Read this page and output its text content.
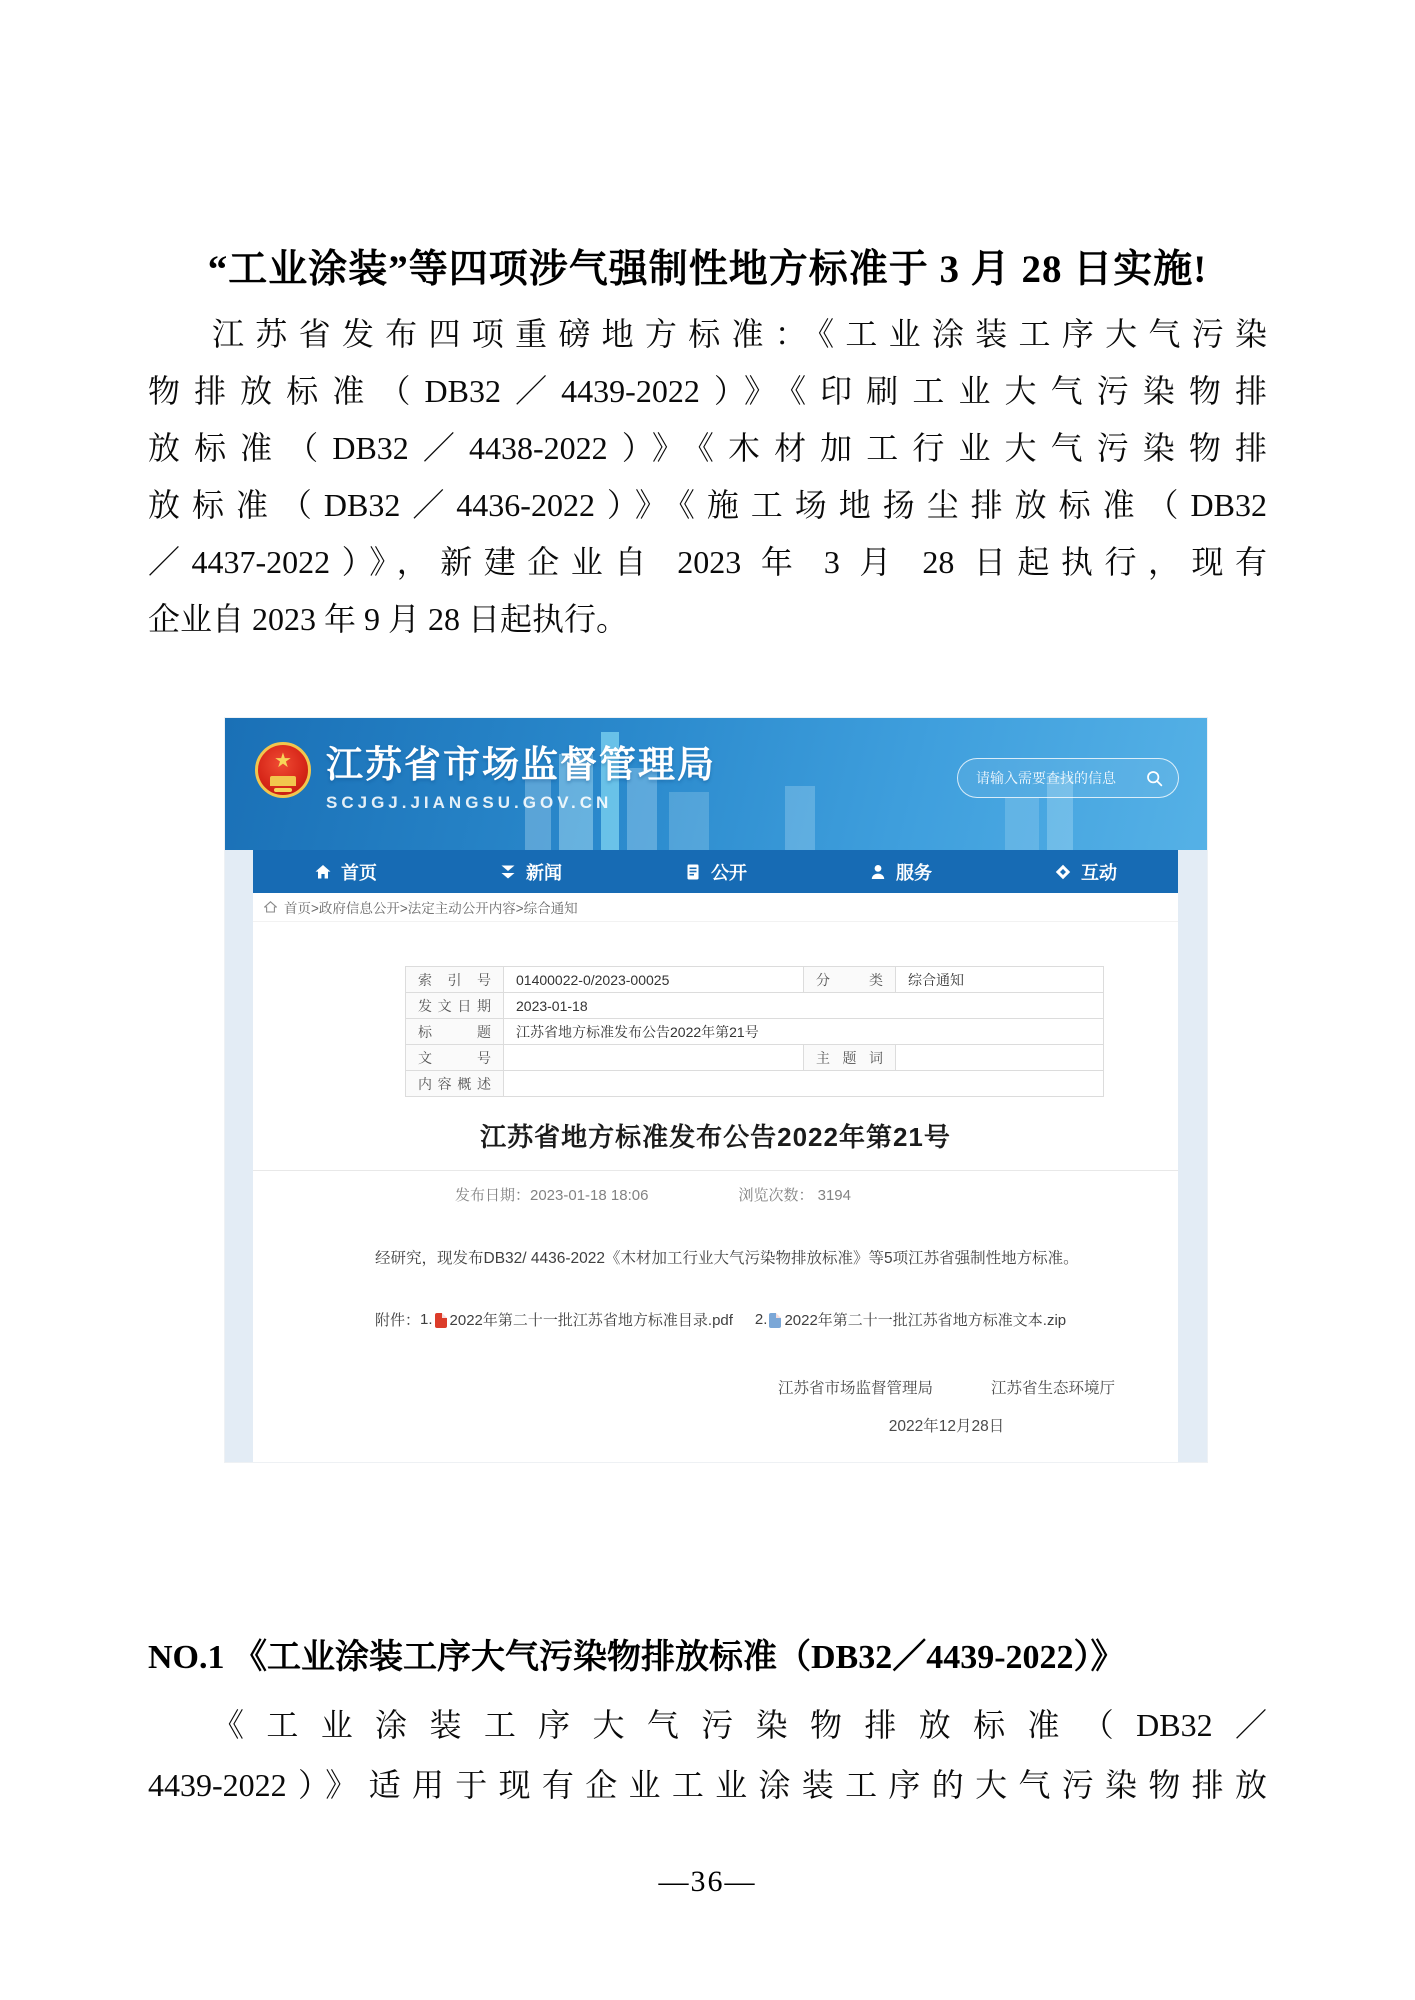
“工业涂装”等四项涉气强制性地方标准于 3 月 28 日实施!
江苏省发布四项重磅地方标准：《工业涂装工序大气污染
物排放标准（DB32／4439-2022）》《印刷工业大气污染物排
放标准（DB32／4438-2022）》《木材加工行业大气污染物排
放标准（DB32／4436-2022）》《施工场地扬尘排放标准（DB32
／4437-2022）》，新建企业自 2023 年 3 月 28 日起执行，现有
企业自 2023 年 9 月 28 日起执行。
★ 江苏省市场监督管理局
SCJGJ.JIANGSU.GOV.CN
请输入需要查找的信息
首页	新闻	公开	服务	互动
首页>政府信息公开>法定主动公开内容>综合通知
索引号	01400022-0/2023-00025	分类	综合通知
发文日期	2023-01-18		
标题	江苏省地方标准发布公告2022年第21号		
文号		主题词	
内容概述			
江苏省地方标准发布公告2022年第21号
发布日期：2023-01-18 18:06	浏览次数： 3194
经研究，现发布DB32/ 4436-2022《木材加工行业大气污染物排放标准》等5项江苏省强制性地方标准。
附件： 1. 2022年第二十一批江苏省地方标准目录.pdf 2. 2022年第二十一批江苏省地方标准文本.zip
江苏省市场监督管理局	江苏省生态环境厅
2022年12月28日
NO.1 《工业涂装工序大气污染物排放标准（DB32／4439-2022）》
《工业涂装工序大气污染物排放标准（DB32／
4439-2022）》适用于现有企业工业涂装工序的大气污染物排放
—36—
